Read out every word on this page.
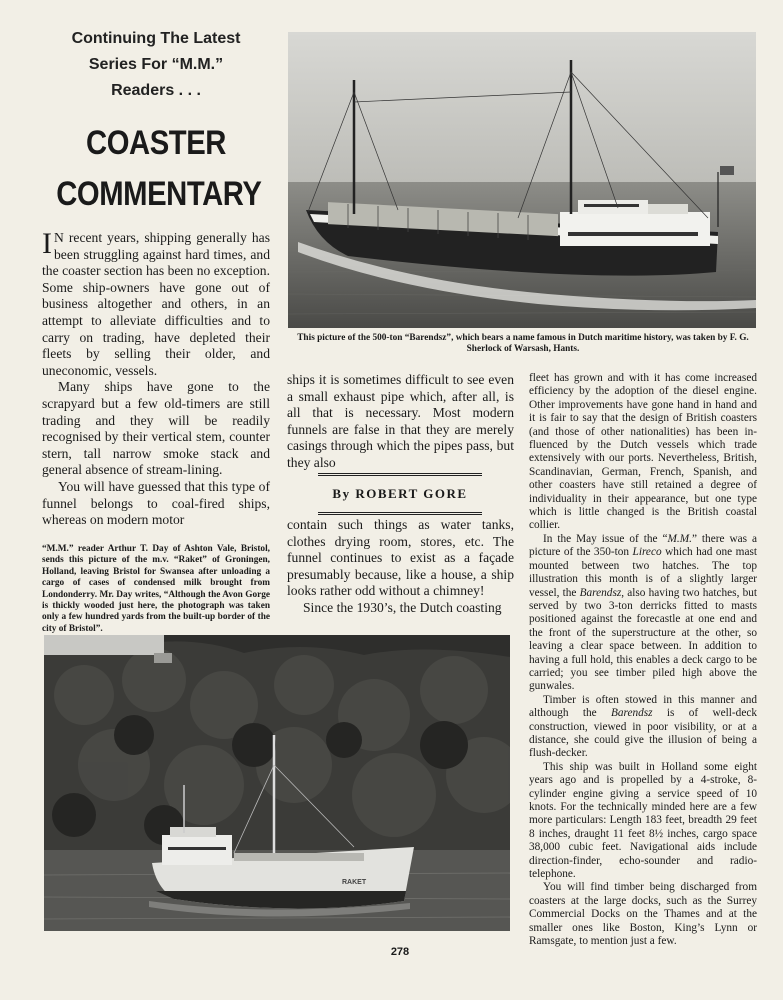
Continuing The Latest
Series For “M.M.”
Readers . . .
COASTER
COMMENTARY
This picture of the 500-ton “Barendsz”, which bears a name famous in Dutch maritime history, was taken by F. G. Sherlock of Warsash, Hants.

I N recent years, shipping generally has been struggling against hard times, and the coaster section has been no exception. Some ship-owners have gone out of business altogether and others, in an attempt to alleviate difficulties and to carry on trading, have depleted their fleets by selling their older, and uneconomic, vessels.

Many ships have gone to the scrapyard but a few old-timers are still trading and they will be readily recognised by their vertical stem, counter stern, tall narrow smoke stack and general absence of stream-lining.

You will have guessed that this type of funnel belongs to coal-fired ships, whereas on modern motor

“M.M.” reader Arthur T. Day of Ashton Vale, Bristol, sends this picture of the m.v. “Raket” of Groningen, Holland, leaving Bristol for Swansea after unloading a cargo of cases of condensed milk brought from Londonderry. Mr. Day writes, “Although the Avon Gorge is thickly wooded just here, the photograph was taken only a few hundred yards from the built-up border of the city of Bristol”.

ships it is sometimes difficult to see even a small exhaust pipe which, after all, is all that is necessary. Most modern funnels are false in that they are merely casings through which the pipes pass, but they also

By ROBERT GORE

contain such things as water tanks, clothes drying room, stores, etc. The funnel continues to exist as a façade presumably because, like a house, a ship looks rather odd without a chimney!

Since the 1930’s, the Dutch coasting

RAKET

fleet has grown and with it has come increased efficiency by the adoption of the diesel engine. Other improvements have gone hand in hand and it is fair to say that the design of British coasters (and those of other nationalities) has been in-fluenced by the Dutch vessels which trade extensively with our ports. Nevertheless, British, Scandinavian, German, French, Spanish, and other coasters have still retained a degree of individuality in their appearance, but one type which is little changed is the British coastal collier.

In the May issue of the “M.M.” there was a picture of the 350-ton Lireco which had one mast mounted between two hatches. The top illustration this month is of a slightly larger vessel, the Barendsz, also having two hatches, but served by two 3-ton derricks fitted to masts positioned against the forecastle at one end and the front of the superstructure at the other, so leaving a clear space between. In addition to having a full hold, this enables a deck cargo to be carried; you see timber piled high above the gunwales.

Timber is often stowed in this manner and although the Barendsz is of well-deck construction, viewed in poor visibility, or at a distance, she could give the illusion of being a flush-decker.

This ship was built in Holland some eight years ago and is propelled by a 4-stroke, 8-cylinder engine giving a service speed of 10 knots. For the technically minded here are a few more particulars: Length 183 feet, breadth 29 feet 8 inches, draught 11 feet 8½ inches, cargo space 38,000 cubic feet. Navigational aids include direction-finder, echo-sounder and radio-telephone.

You will find timber being discharged from coasters at the large docks, such as the Surrey Commercial Docks on the Thames and at the smaller ones like Boston, King’s Lynn or Ramsgate, to mention just a few.

278
